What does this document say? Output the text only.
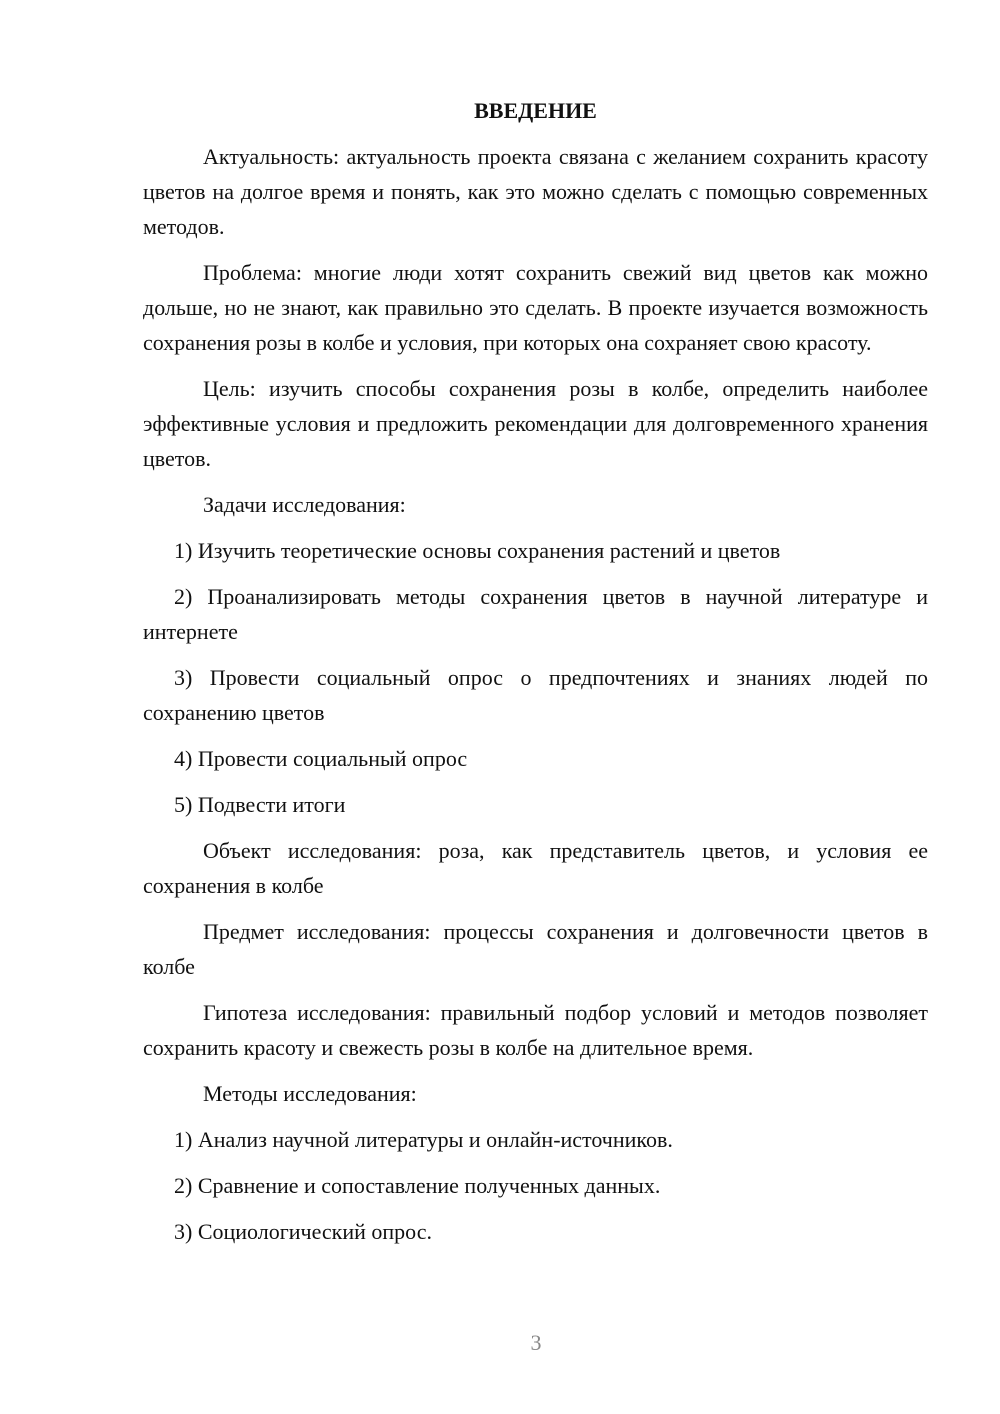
ВВЕДЕНИЕ

Актуальность: актуальность проекта связана с желанием сохранить красоту цветов на долгое время и понять, как это можно сделать с помощью современных методов.

Проблема: многие люди хотят сохранить свежий вид цветов как можно дольше, но не знают, как правильно это сделать. В проекте изучается возможность сохранения розы в колбе и условия, при которых она сохраняет свою красоту.

Цель: изучить способы сохранения розы в колбе, определить наиболее эффективные условия и предложить рекомендации для долговременного хранения цветов.

Задачи исследования:

1) Изучить теоретические основы сохранения растений и цветов

2) Проанализировать методы сохранения цветов в научной литературе и интернете

3) Провести социальный опрос о предпочтениях и знаниях людей по сохранению цветов

4) Провести социальный опрос

5) Подвести итоги

Объект исследования: роза, как представитель цветов, и условия ее сохранения в колбе

Предмет исследования: процессы сохранения и долговечности цветов в колбе

Гипотеза исследования: правильный подбор условий и методов позволяет сохранить красоту и свежесть розы в колбе на длительное время.

Методы исследования:

1) Анализ научной литературы и онлайн-источников.

2) Сравнение и сопоставление полученных данных.

3) Социологический опрос.

3
